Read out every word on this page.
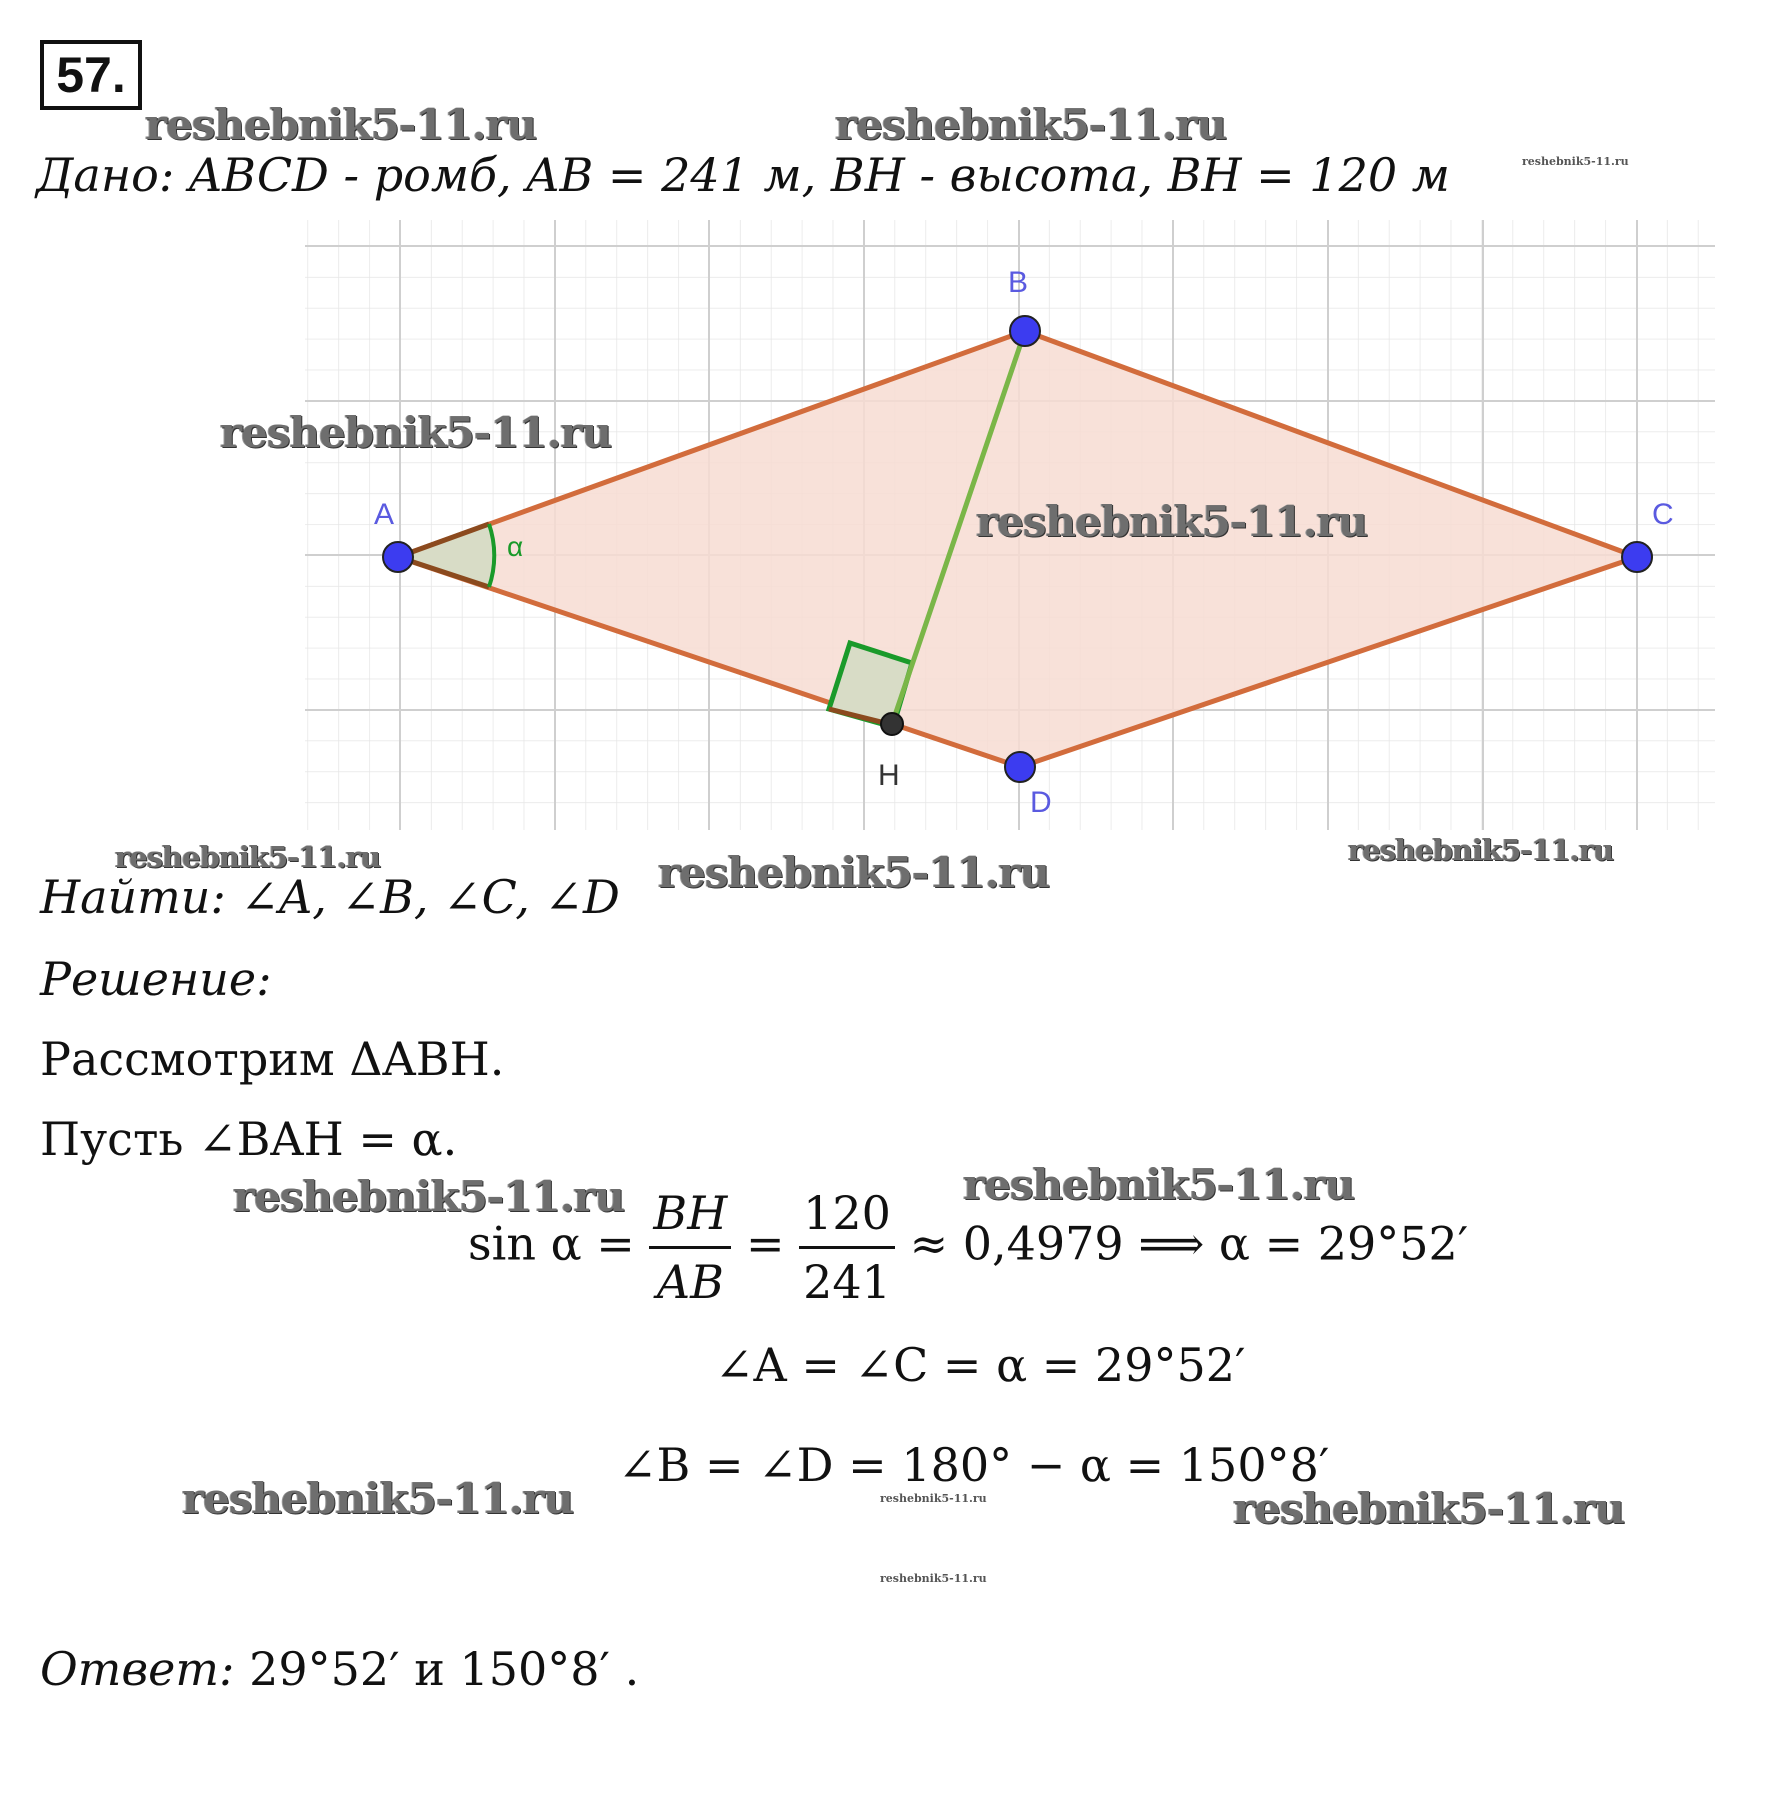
57.
reshebnik5-11.ru	reshebnik5-11.ru
reshebnik5-11.ru
Дано: ABCD - ромб, AB = 241 м, BH - высота, BH = 120 м
α
A
B
C
D
H
reshebnik5-11.ru
reshebnik5-11.ru
reshebnik5-11.ru	reshebnik5-11.ru	reshebnik5-11.ru
Найти: ∠A, ∠B, ∠C, ∠D
Решение:
Рассмотрим ΔABH.
Пусть ∠BAH = α.
reshebnik5-11.ru	reshebnik5-11.ru
$\sin \alpha = \frac{BH}{AB} = \frac{120}{241} \approx 0,4979$ ⟹ α = 29°52′
∠A = ∠C = α = 29°52′
∠B = ∠D = 180° − α = 150°8′
reshebnik5-11.ru	reshebnik5-11.ru	reshebnik5-11.ru
reshebnik5-11.ru
Ответ: 29°52′ и 150°8′ .
